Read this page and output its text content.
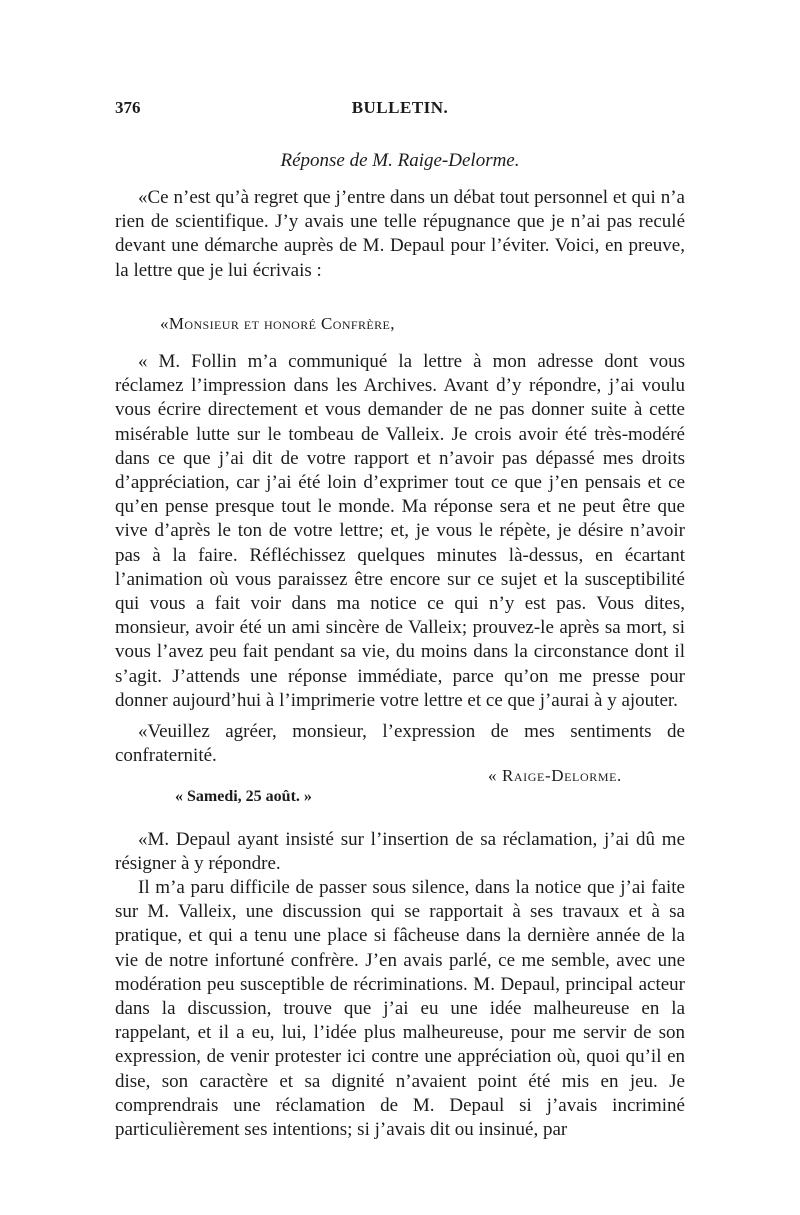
376	BULLETIN.
Réponse de M. Raige-Delorme.

«Ce n’est qu’à regret que j’entre dans un débat tout personnel et qui n’a rien de scientifique. J’y avais une telle répugnance que je n’ai pas reculé devant une démarche auprès de M. Depaul pour l’éviter. Voici, en preuve, la lettre que je lui écrivais :

«Monsieur et honoré Confrère,

« M. Follin m’a communiqué la lettre à mon adresse dont vous réclamez l’impression dans les Archives. Avant d’y répondre, j’ai voulu vous écrire directement et vous demander de ne pas donner suite à cette misérable lutte sur le tombeau de Valleix. Je crois avoir été très-modéré dans ce que j’ai dit de votre rapport et n’avoir pas dépassé mes droits d’appréciation, car j’ai été loin d’exprimer tout ce que j’en pensais et ce qu’en pense presque tout le monde. Ma réponse sera et ne peut être que vive d’après le ton de votre lettre; et, je vous le répète, je désire n’avoir pas à la faire. Réfléchissez quelques minutes là-dessus, en écartant l’animation où vous paraissez être encore sur ce sujet et la susceptibilité qui vous a fait voir dans ma notice ce qui n’y est pas. Vous dites, monsieur, avoir été un ami sincère de Valleix; prouvez-le après sa mort, si vous l’avez peu fait pendant sa vie, du moins dans la circonstance dont il s’agit. J’attends une réponse immédiate, parce qu’on me presse pour donner aujourd’hui à l’imprimerie votre lettre et ce que j’aurai à y ajouter.

«Veuillez agréer, monsieur, l’expression de mes sentiments de confraternité.

« Raige-Delorme.
« Samedi, 25 août. »

«M. Depaul ayant insisté sur l’insertion de sa réclamation, j’ai dû me résigner à y répondre.

Il m’a paru difficile de passer sous silence, dans la notice que j’ai faite sur M. Valleix, une discussion qui se rapportait à ses travaux et à sa pratique, et qui a tenu une place si fâcheuse dans la dernière année de la vie de notre infortuné confrère. J’en avais parlé, ce me semble, avec une modération peu susceptible de récriminations. M. Depaul, principal acteur dans la discussion, trouve que j’ai eu une idée malheureuse en la rappelant, et il a eu, lui, l’idée plus malheureuse, pour me servir de son expression, de venir protester ici contre une appréciation où, quoi qu’il en dise, son caractère et sa dignité n’avaient point été mis en jeu. Je comprendrais une réclamation de M. Depaul si j’avais incriminé particulièrement ses intentions; si j’avais dit ou insinué, par
